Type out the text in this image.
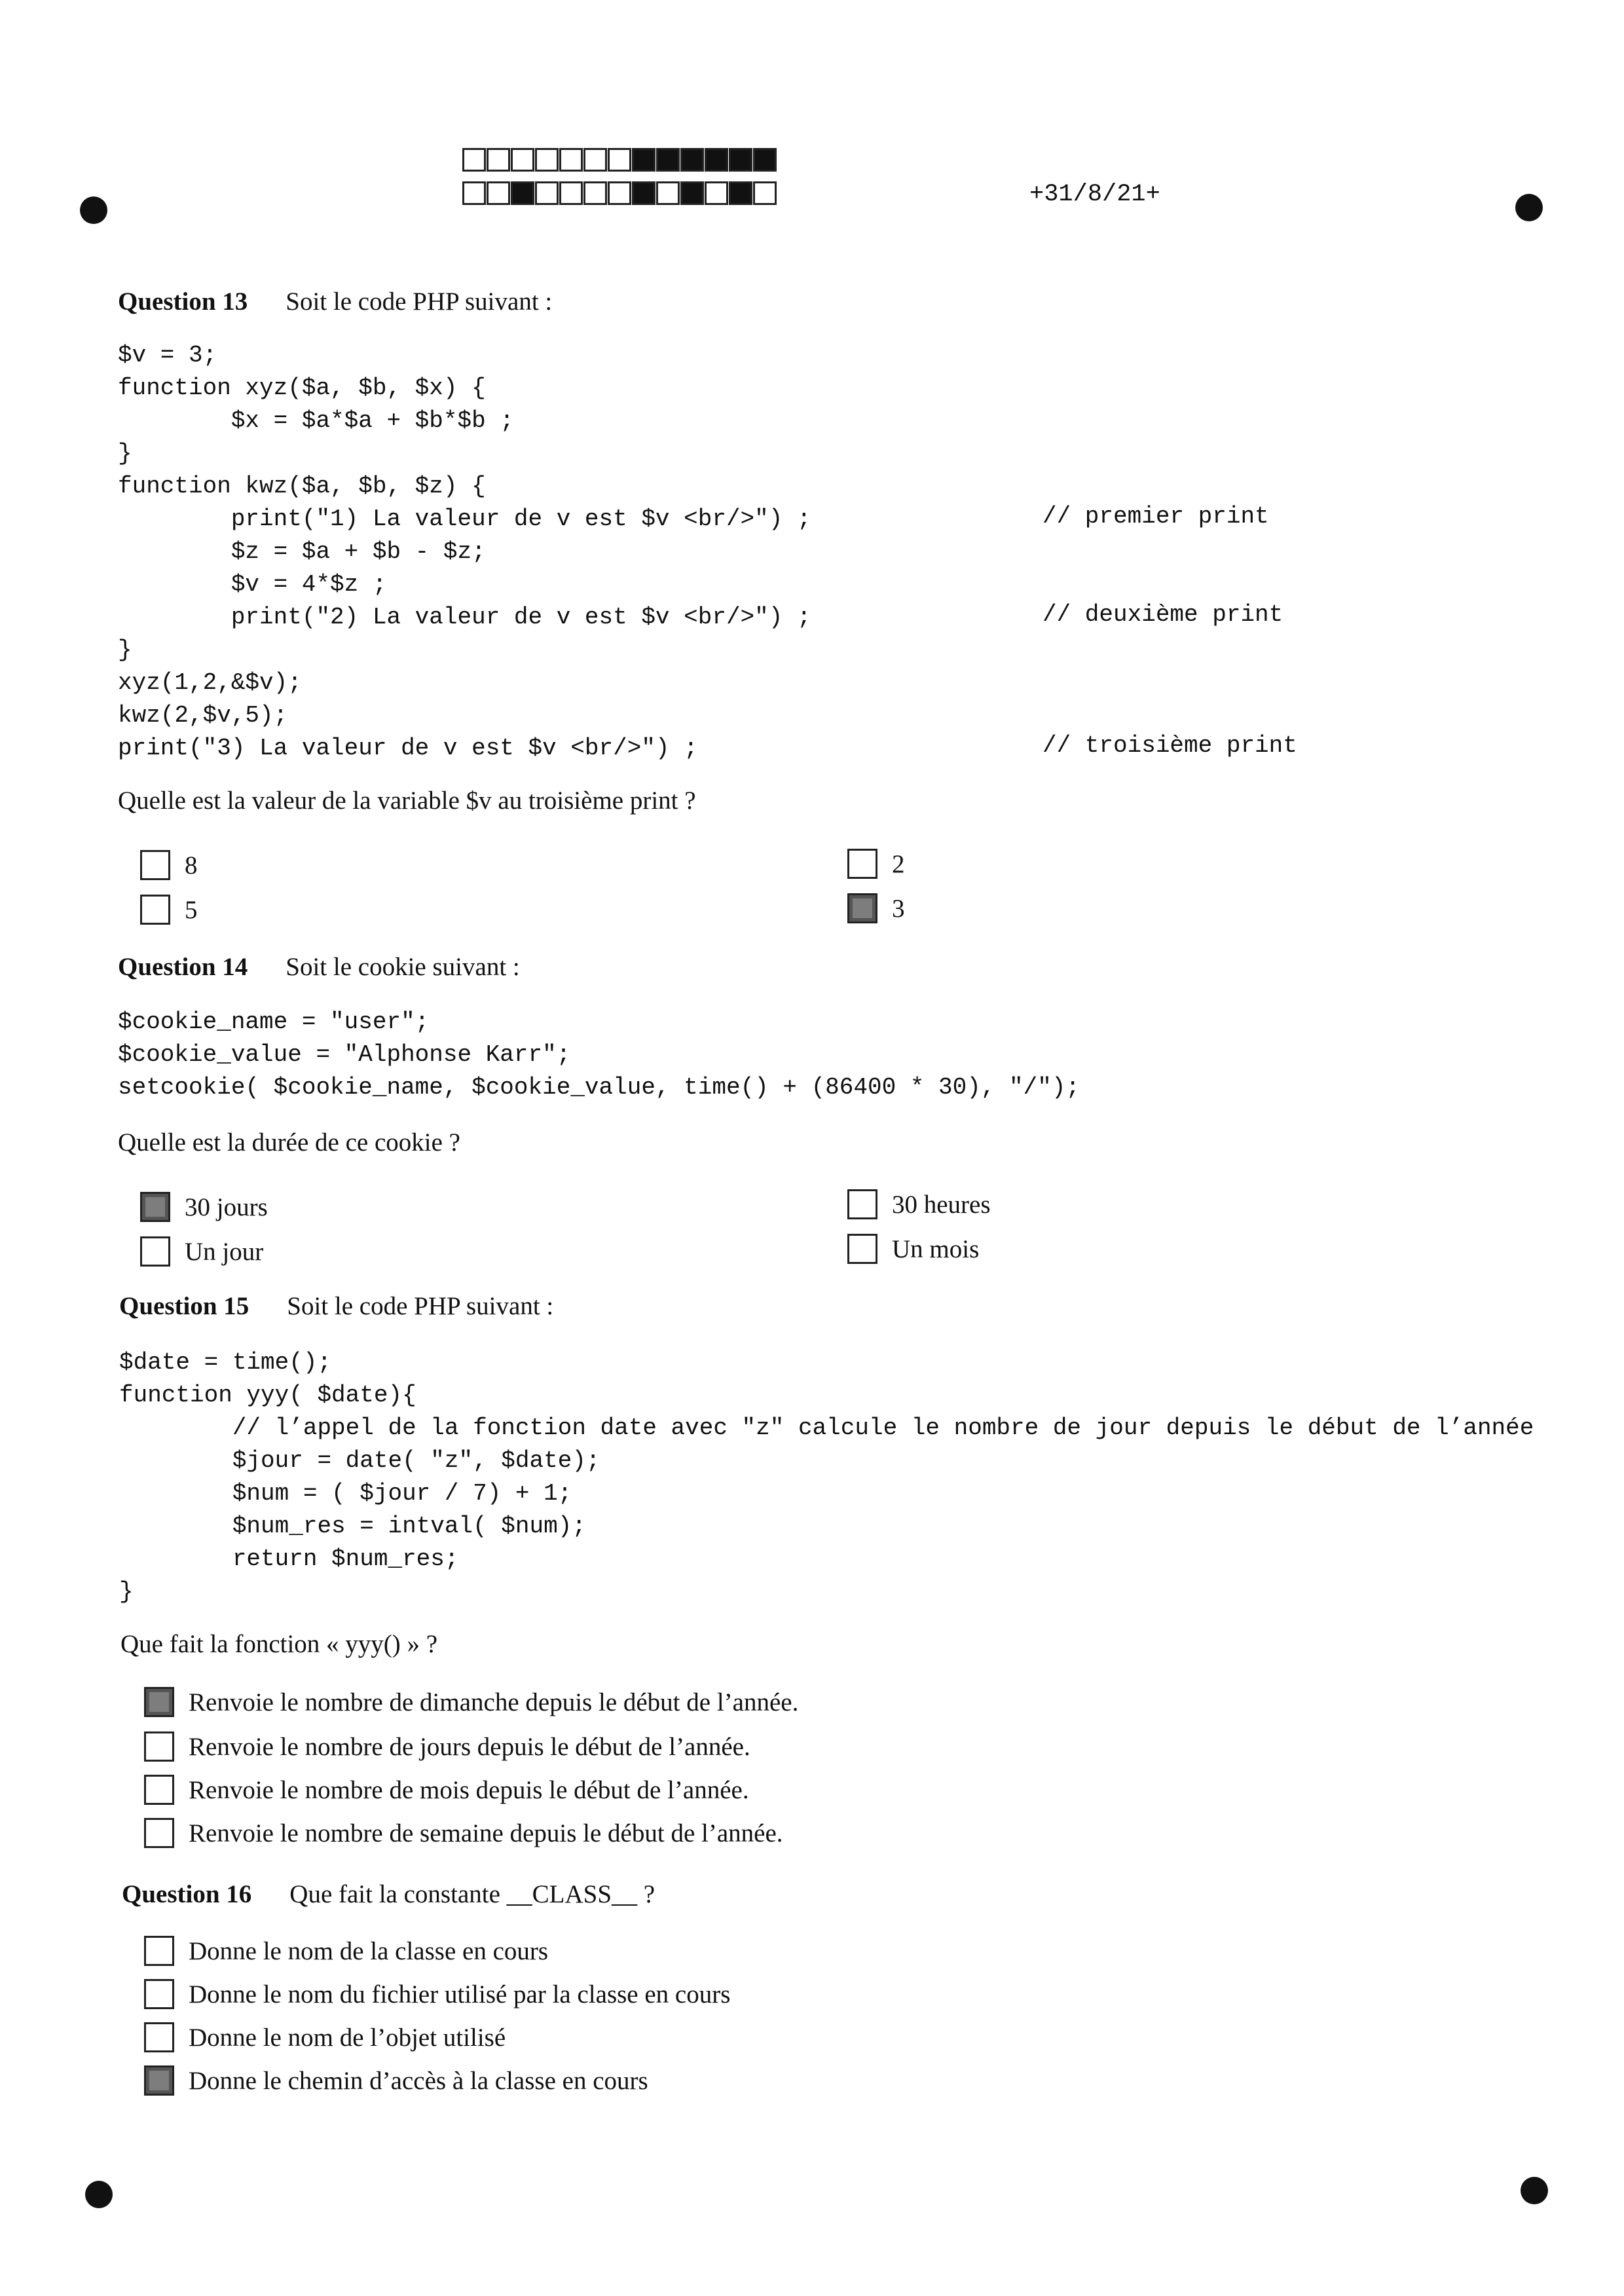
+31/8/21+
Question 13 Soit le code PHP suivant :
$v = 3;
function xyz($a, $b, $x) {
$x = $a*$a + $b*$b ;
}
function kwz($a, $b, $z) {
print("1) La valeur de v est $v <br/>") ;
$z = $a + $b - $z;
$v = 4*$z ;
print("2) La valeur de v est $v <br/>") ;
}
xyz(1,2,&$v);
kwz(2,$v,5);
print("3) La valeur de v est $v <br/>") ;
// premier print
// deuxième print
// troisième print
Quelle est la valeur de la variable $v au troisième print ?
8
5
2
3
Question 14 Soit le cookie suivant :
$cookie_name = "user";
$cookie_value = "Alphonse Karr";
setcookie( $cookie_name, $cookie_value, time() + (86400 * 30), "/");
Quelle est la durée de ce cookie ?
30 jours
Un jour
30 heures
Un mois
Question 15 Soit le code PHP suivant :
$date = time();
function yyy( $date){
// l’appel de la fonction date avec "z" calcule le nombre de jour depuis le début de l’année
$jour = date( "z", $date);
$num = ( $jour / 7) + 1;
$num_res = intval( $num);
return $num_res;
}
Que fait la fonction « yyy() » ?
Renvoie le nombre de dimanche depuis le début de l’année.
Renvoie le nombre de jours depuis le début de l’année.
Renvoie le nombre de mois depuis le début de l’année.
Renvoie le nombre de semaine depuis le début de l’année.
Question 16 Que fait la constante __CLASS__ ?
Donne le nom de la classe en cours
Donne le nom du fichier utilisé par la classe en cours
Donne le nom de l’objet utilisé
Donne le chemin d’accès à la classe en cours
